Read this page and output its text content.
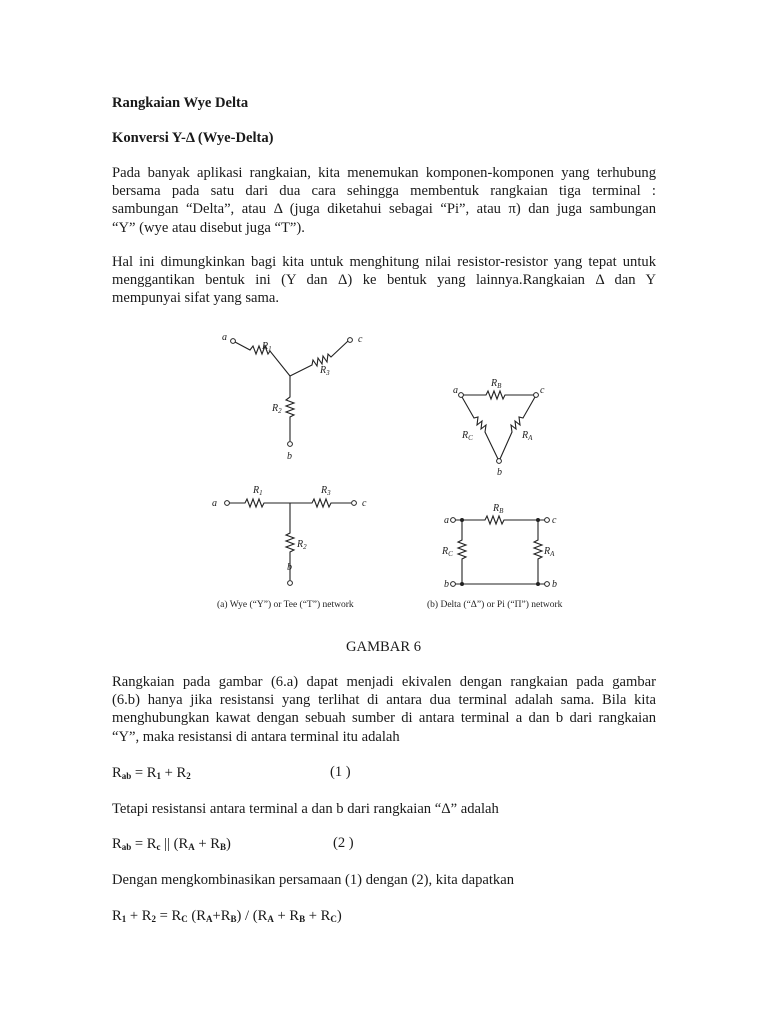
Rangkaian Wye Delta
Konversi Y-Δ (Wye-Delta)
Pada banyak aplikasi rangkaian, kita menemukan komponen-komponen yang terhubung
bersama pada satu dari dua cara sehingga membentuk rangkaian tiga terminal :
sambungan “Delta”, atau Δ (juga diketahui sebagai “Pi”, atau π) dan juga sambungan
“Y” (wye atau disebut juga “T”).
Hal ini dimungkinkan bagi kita untuk menghitung nilai resistor-resistor yang tepat untuk
menggantikan bentuk ini (Y dan Δ) ke bentuk yang lainnya.Rangkaian Δ dan Y
mempunyai sifat yang sama.
a	c
b
$R_1$
$R_3$
$R_2$
a	c
b
$R_B$
$R_C$	$R_A$
a	c
b
$R_1$	$R_3$
$R_2$
a	c
b	b
$R_B$
$R_C$	$R_A$
(a) Wye (“Y”) or Tee (“T”) network	(b) Delta (“Δ”) or Pi (“Π”) network
GAMBAR 6
Rangkaian pada gambar (6.a) dapat menjadi ekivalen dengan rangkaian pada gambar
(6.b) hanya jika resistansi yang terlihat di antara dua terminal adalah sama. Bila kita
menghubungkan kawat dengan sebuah sumber di antara terminal a dan b dari rangkaian
“Y”, maka resistansi di antara terminal itu adalah
$R_{ab} = R_1 + R_2$	(1 )
Tetapi resistansi antara terminal a dan b dari rangkaian “Δ” adalah
$R_{ab} = R_c$ || $(R_A + R_B)$	(2 )
Dengan mengkombinasikan persamaan (1) dengan (2), kita dapatkan
$R_1 + R_2 = R_C$ $(R_A+R_B) / (R_A + R_B + R_C)$
